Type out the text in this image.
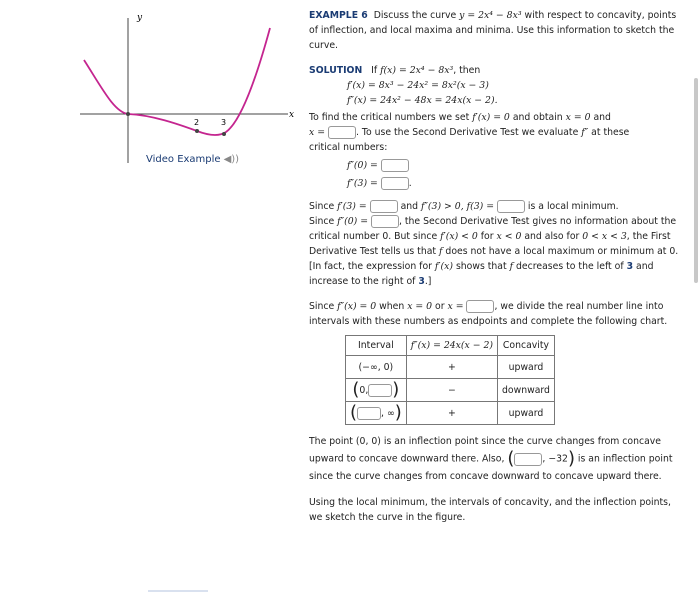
y
x
2	3
Video Example ◀))

EXAMPLE 6 Discuss the curve y = 2x⁴ − 8x³ with respect to concavity, points of inflection, and local maxima and minima. Use this information to sketch the curve.

SOLUTION If f(x) = 2x⁴ − 8x³, then

f′(x) = 8x³ − 24x² = 8x²(x − 3)

f″(x) = 24x² − 48x = 24x(x − 2).

To find the critical numbers we set f′(x) = 0 and obtain x = 0 and
x =	. To use the Second Derivative Test we evaluate f″ at these
critical numbers:

f″(0) =

f″(3) =	.

Since f′(3) =	and f″(3) > 0, f(3) =	is a local minimum.
Since f″(0) =	, the Second Derivative Test gives no information about the critical number 0. But since f′(x) < 0 for x < 0 and also for 0 < x < 3, the First Derivative Test tells us that f does not have a local maximum or minimum at 0. [In fact, the expression for f′(x) shows that f decreases to the left of 3 and increase to the right of 3.]

Since f″(x) = 0 when x = 0 or x =	, we divide the real number line into intervals with these numbers as endpoints and complete the following chart.

Interval	f″(x) = 24x(x − 2)	Concavity
(−∞, 0)	+	upward
(0, )	−	downward
( , ∞)	+	upward

The point (0, 0) is an inflection point since the curve changes from concave upward to concave downward there. Also, (	, −32) is an inflection point since the curve changes from concave downward to concave upward there.

Using the local minimum, the intervals of concavity, and the inflection points, we sketch the curve in the figure.
